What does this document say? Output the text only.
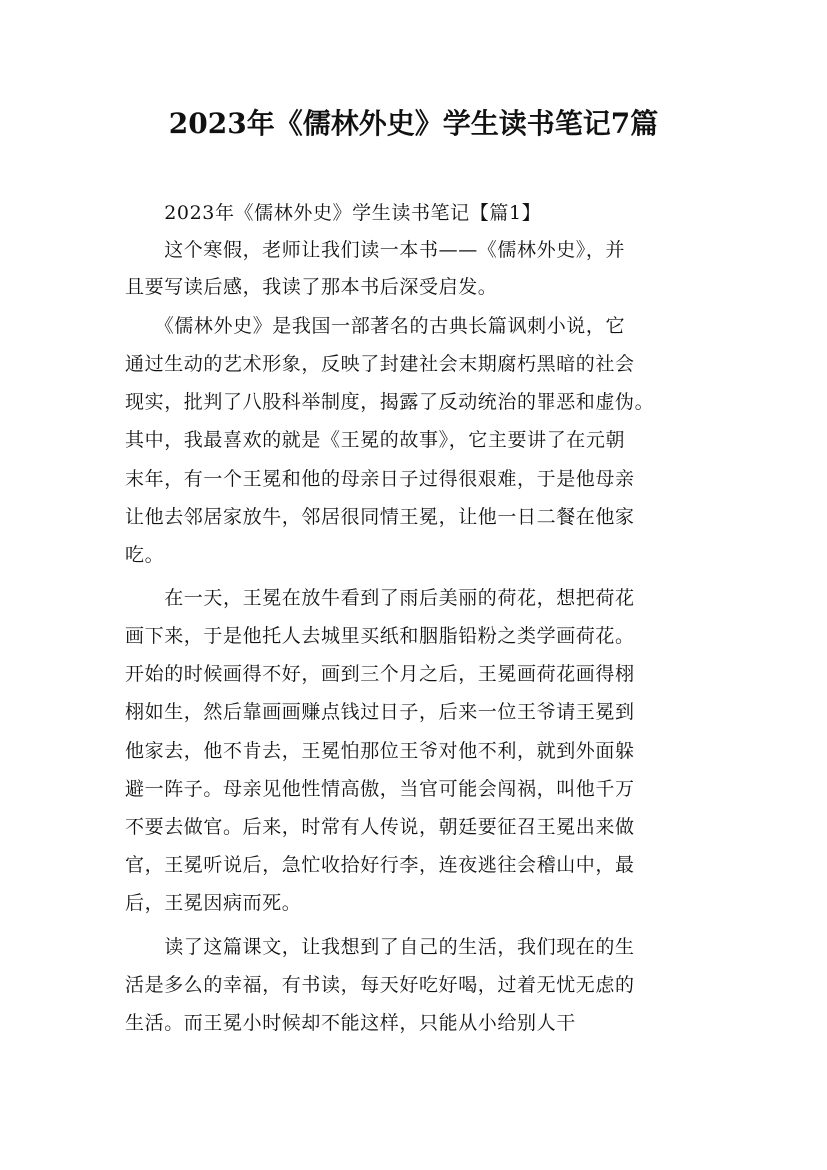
2023年《儒林外史》学生读书笔记7篇
　　2023年《儒林外史》学生读书笔记【篇1】
　　这个寒假，老师让我们读一本书——《儒林外史》，并
且要写读后感，我读了那本书后深受启发。
　　《儒林外史》是我国一部著名的古典长篇讽刺小说，它
通过生动的艺术形象，反映了封建社会末期腐朽黑暗的社会
现实，批判了八股科举制度，揭露了反动统治的罪恶和虚伪。
其中，我最喜欢的就是《王冕的故事》，它主要讲了在元朝
末年，有一个王冕和他的母亲日子过得很艰难，于是他母亲
让他去邻居家放牛，邻居很同情王冕，让他一日二餐在他家
吃。
　　在一天，王冕在放牛看到了雨后美丽的荷花，想把荷花
画下来，于是他托人去城里买纸和胭脂铅粉之类学画荷花。
开始的时候画得不好，画到三个月之后，王冕画荷花画得栩
栩如生，然后靠画画赚点钱过日子，后来一位王爷请王冕到
他家去，他不肯去，王冕怕那位王爷对他不利，就到外面躲
避一阵子。母亲见他性情高傲，当官可能会闯祸，叫他千万
不要去做官。后来，时常有人传说，朝廷要征召王冕出来做
官，王冕听说后，急忙收拾好行李，连夜逃往会稽山中，最
后，王冕因病而死。
　　读了这篇课文，让我想到了自己的生活，我们现在的生
活是多么的幸福，有书读，每天好吃好喝，过着无忧无虑的
生活。而王冕小时候却不能这样，只能从小给别人干
